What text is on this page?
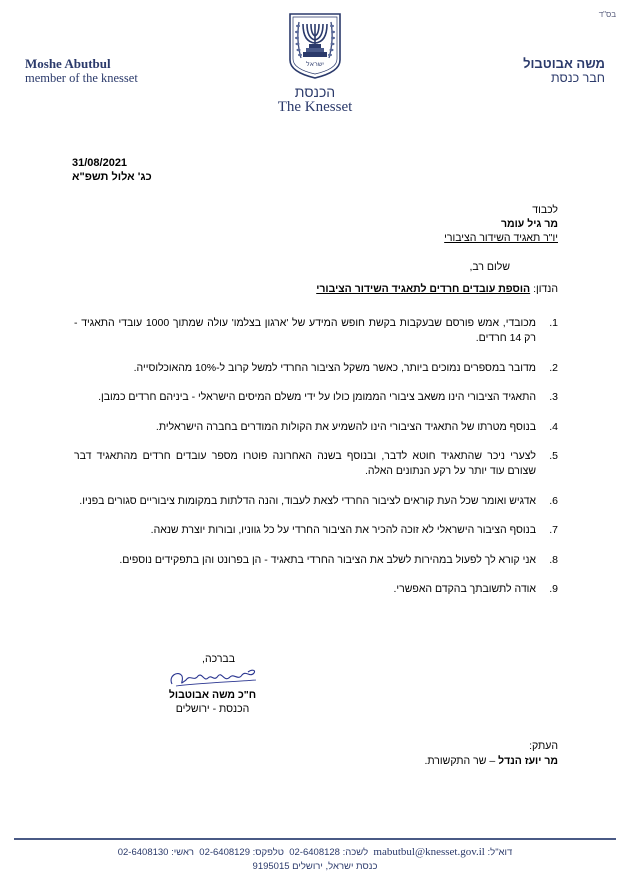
בס"ד
Moshe Abutbul
member of the knesset
משה אבוטבול
חבר כנסת
ישראל
הכנסת
The Knesset
31/08/2021
כג' אלול תשפ"א
לכבוד
מר גיל עומר
יו"ר תאגיד השידור הציבורי
שלום רב,
הנדון: הוספת עובדים חרדים לתאגיד השידור הציבורי
1.
מכובדי, אמש פורסם שבעקבות בקשת חופש המידע של 'ארגון בצלמו' עולה שמתוך 1000 עובדי התאגיד - רק 14 חרדים.
2.
מדובר במספרים נמוכים ביותר, כאשר משקל הציבור החרדי למשל קרוב ל-10% מהאוכלוסייה.
3.
התאגיד הציבורי הינו משאב ציבורי הממומן כולו על ידי משלם המיסים הישראלי - ביניהם חרדים כמובן.
4.
בנוסף מטרתו של התאגיד הציבורי הינו להשמיע את הקולות המודרים בחברה הישראלית.
5.
לצערי ניכר שהתאגיד חוטא לדבר, ובנוסף בשנה האחרונה פוטרו מספר עובדים חרדים מהתאגיד דבר שצורם עוד יותר על רקע הנתונים האלה.
6.
אדגיש ואומר שכל העת קוראים לציבור החרדי לצאת לעבוד, והנה הדלתות במקומות ציבוריים סגורים בפניו.
7.
בנוסף הציבור הישראלי לא זוכה להכיר את הציבור החרדי על כל גווניו, ובורות יוצרת שנאה.
8.
אני קורא לך לפעול במהירות לשלב את הציבור החרדי בתאגיד - הן בפרונט והן בתפקידים נוספים.
9.
אודה לתשובתך בהקדם האפשרי.
בברכה,
ח"כ משה אבוטבול
הכנסת - ירושלים
העתק:
מר יועז הנדל – שר התקשורת.
דוא"ל: mabutbul@knesset.gov.il  לשכה: 02-6408128  טלפקס: 02-6408129  ראשי: 02-6408130
כנסת ישראל, ירושלים 9195015
